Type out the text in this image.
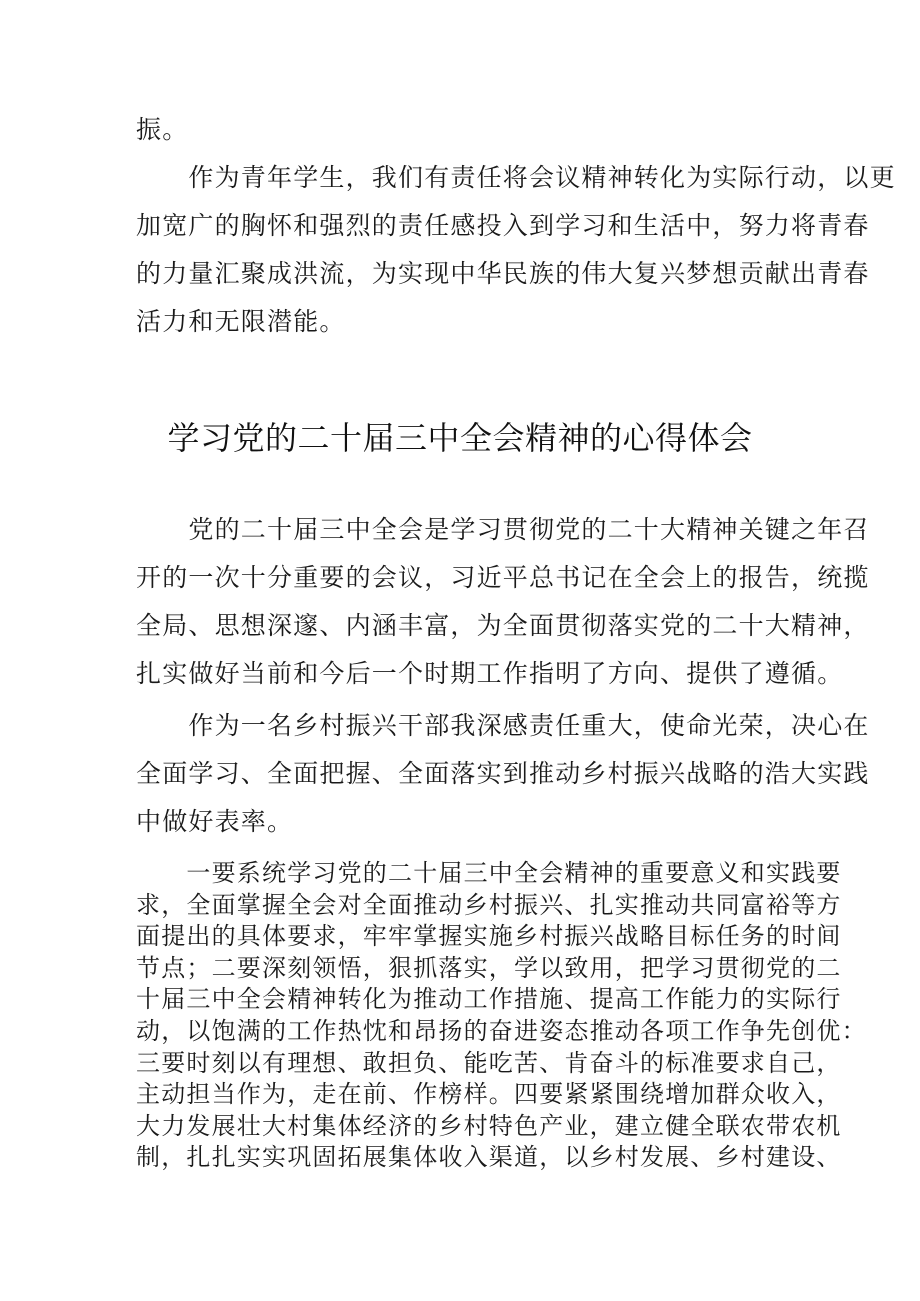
振。
　　作为青年学生，我们有责任将会议精神转化为实际行动，以更
加宽广的胸怀和强烈的责任感投入到学习和生活中，努力将青春
的力量汇聚成洪流，为实现中华民族的伟大复兴梦想贡献出青春
活力和无限潜能。
学习党的二十届三中全会精神的心得体会
　　党的二十届三中全会是学习贯彻党的二十大精神关键之年召
开的一次十分重要的会议，习近平总书记在全会上的报告，统揽
全局、思想深邃、内涵丰富，为全面贯彻落实党的二十大精神，
扎实做好当前和今后一个时期工作指明了方向、提供了遵循。
　　作为一名乡村振兴干部我深感责任重大，使命光荣，决心在
全面学习、全面把握、全面落实到推动乡村振兴战略的浩大实践
中做好表率。
　　一要系统学习党的二十届三中全会精神的重要意义和实践要
求，全面掌握全会对全面推动乡村振兴、扎实推动共同富裕等方
面提出的具体要求，牢牢掌握实施乡村振兴战略目标任务的时间
节点；二要深刻领悟，狠抓落实，学以致用，把学习贯彻党的二
十届三中全会精神转化为推动工作措施、提高工作能力的实际行
动，以饱满的工作热忱和昂扬的奋进姿态推动各项工作争先创优：
三要时刻以有理想、敢担负、能吃苦、肯奋斗的标准要求自己，
主动担当作为，走在前、作榜样。四要紧紧围绕增加群众收入，
大力发展壮大村集体经济的乡村特色产业，建立健全联农带农机
制，扎扎实实巩固拓展集体收入渠道，以乡村发展、乡村建设、
